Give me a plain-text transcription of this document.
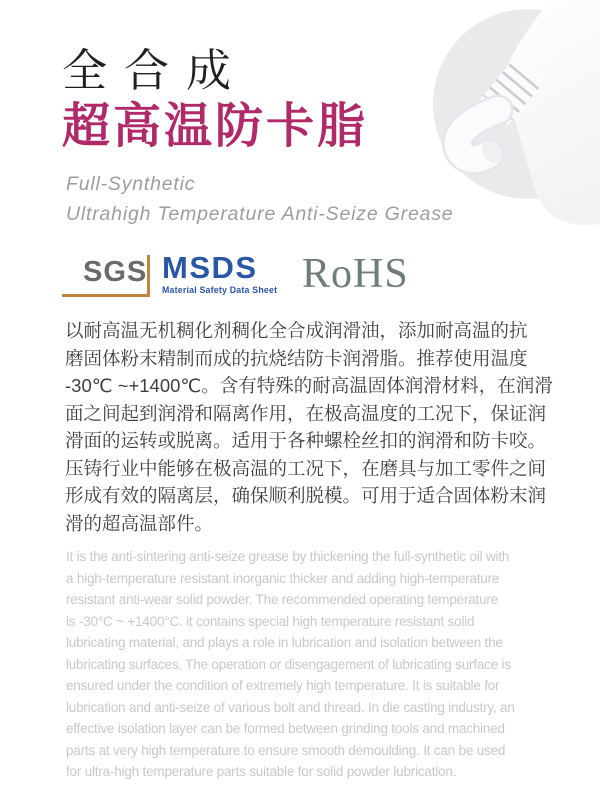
全合成
超高温防卡脂
Full-Synthetic
Ultrahigh Temperature Anti-Seize Grease
SGS MSDS
Material Safety Data Sheet RoHS
以耐高温无机稠化剂稠化全合成润滑油，添加耐高温的抗
磨固体粉末精制而成的抗烧结防卡润滑脂。推荐使用温度
-30℃ ~+1400℃。含有特殊的耐高温固体润滑材料，在润滑
面之间起到润滑和隔离作用，在极高温度的工况下，保证润
滑面的运转或脱离。适用于各种螺栓丝扣的润滑和防卡咬。
压铸行业中能够在极高温的工况下，在磨具与加工零件之间
形成有效的隔离层，确保顺利脱模。可用于适合固体粉末润
滑的超高温部件。
It is the anti-sintering anti-seize grease by thickening the full-synthetic oil with
a high-temperature resistant inorganic thicker and adding high-temperature
resistant anti-wear solid powder. The recommended operating temperature
is -30°C ~ +1400°C. it contains special high temperature resistant solid
lubricating material, and plays a role in lubrication and isolation between the
lubricating surfaces. The operation or disengagement of lubricating surface is
ensured under the condition of extremely high temperature. It is suitable for
lubrication and anti-seize of various bolt and thread. In die casting industry, an
effective isolation layer can be formed between grinding tools and machined
parts at very high temperature to ensure smooth demoulding. It can be used
for ultra-high temperature parts suitable for solid powder lubrication.
